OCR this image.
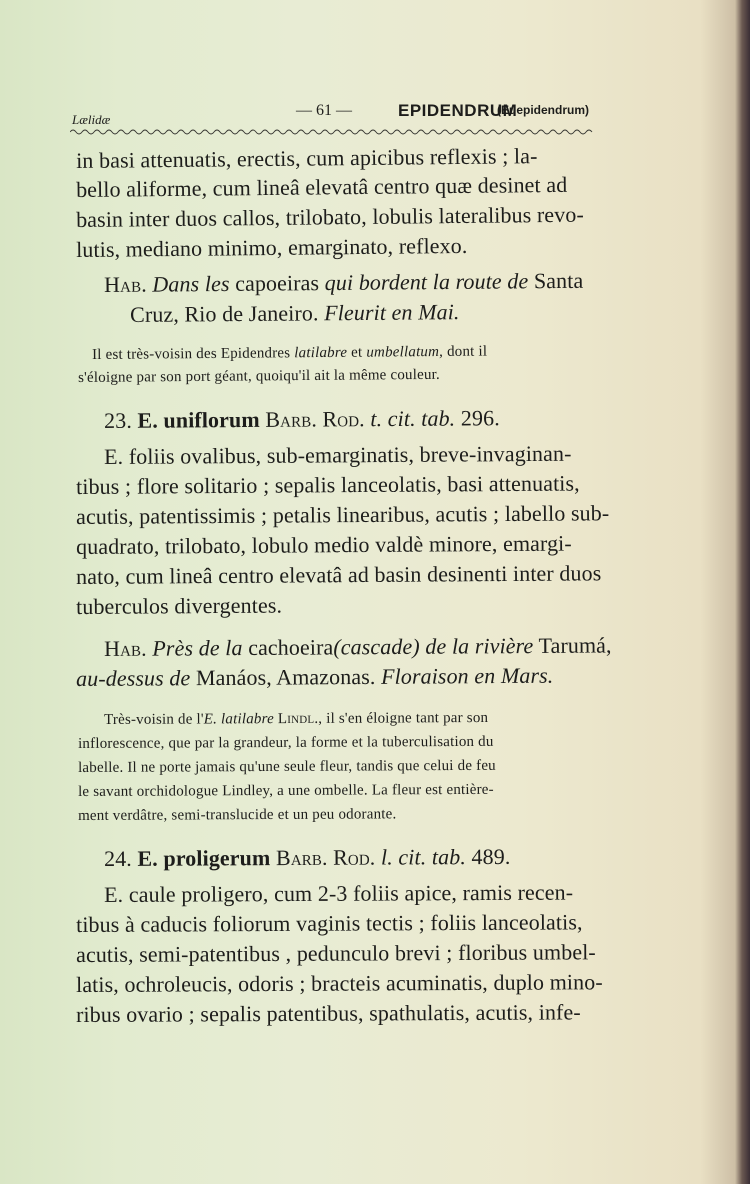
Lælidæ
— 61 —	EPIDENDRUM
(Euepidendrum)
in basi attenuatis, erectis, cum apicibus reflexis ; la-
bello aliforme, cum lineâ elevatâ centro quæ desinet ad
basin inter duos callos, trilobato, lobulis lateralibus revo-
lutis, mediano minimo, emarginato, reflexo.
Hab. Dans les capoeiras qui bordent la route de Santa
Cruz, Rio de Janeiro. Fleurit en Mai.
Il est très-voisin des Epidendres latilabre et umbellatum, dont il
s'éloigne par son port géant, quoiqu'il ait la même couleur.
23. E. uniflorum Barb. Rod. t. cit. tab. 296.
E. foliis ovalibus, sub-emarginatis, breve-invaginan-
tibus ; flore solitario ; sepalis lanceolatis, basi attenuatis,
acutis, patentissimis ; petalis linearibus, acutis ; labello sub-
quadrato, trilobato, lobulo medio valdè minore, emargi-
nato, cum lineâ centro elevatâ ad basin desinenti inter duos
tuberculos divergentes.
Hab. Près de la cachoeira(cascade) de la rivière Tarumá,
au-dessus de Manáos, Amazonas. Floraison en Mars.
Très-voisin de l'E. latilabre Lindl., il s'en éloigne tant par son
inflorescence, que par la grandeur, la forme et la tuberculisation du
labelle. Il ne porte jamais qu'une seule fleur, tandis que celui de feu
le savant orchidologue Lindley, a une ombelle. La fleur est entière-
ment verdâtre, semi-translucide et un peu odorante.
24. E. proligerum Barb. Rod. l. cit. tab. 489.
E. caule proligero, cum 2-3 foliis apice, ramis recen-
tibus à caducis foliorum vaginis tectis ; foliis lanceolatis,
acutis, semi-patentibus , pedunculo brevi ; floribus umbel-
latis, ochroleucis, odoris ; bracteis acuminatis, duplo mino-
ribus ovario ; sepalis patentibus, spathulatis, acutis, infe-
